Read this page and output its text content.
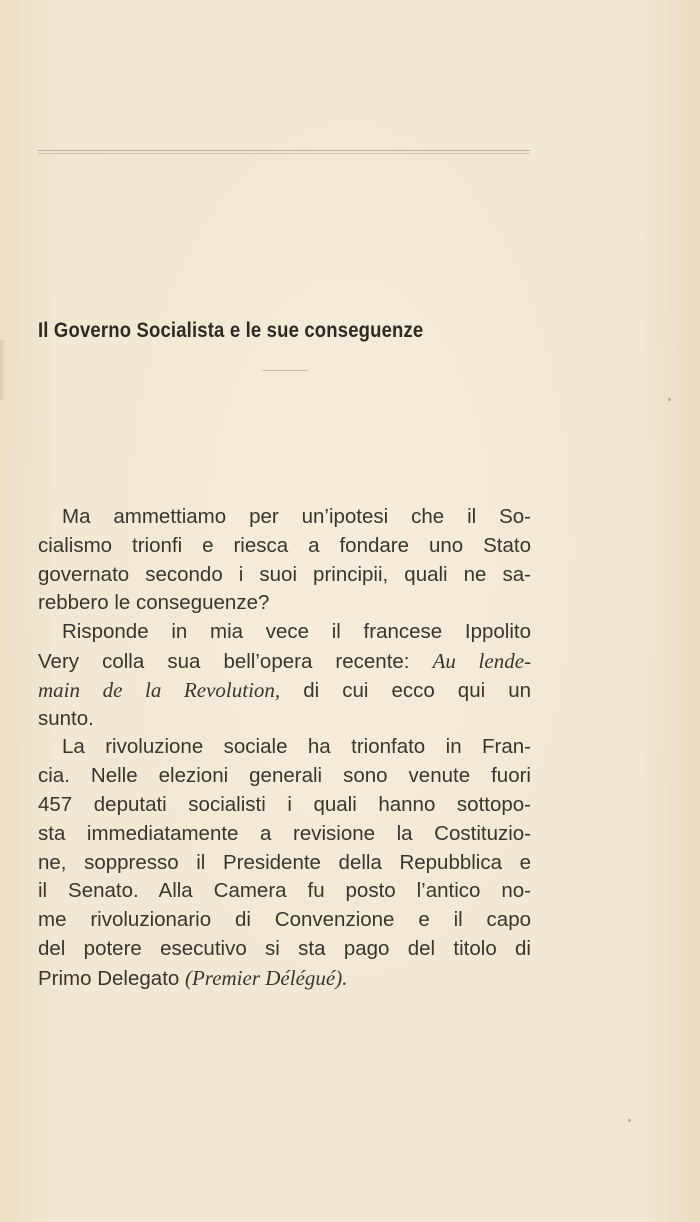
Il Governo Socialista e le sue conseguenze
Ma ammettiamo per un’ipotesi che il So-
cialismo trionfi e riesca a fondare uno Stato
governato secondo i suoi principii, quali ne sa-
rebbero le conseguenze?
Risponde in mia vece il francese Ippolito
Very colla sua bell’opera recente: Au lende-
main de la Revolution, di cui ecco qui un
sunto.
La rivoluzione sociale ha trionfato in Fran-
cia. Nelle elezioni generali sono venute fuori
457 deputati socialisti i quali hanno sottopo-
sta immediatamente a revisione la Costituzio-
ne, soppresso il Presidente della Repubblica e
il Senato. Alla Camera fu posto l’antico no-
me rivoluzionario di Convenzione e il capo
del potere esecutivo si sta pago del titolo di
Primo Delegato (Premier Délégué).
